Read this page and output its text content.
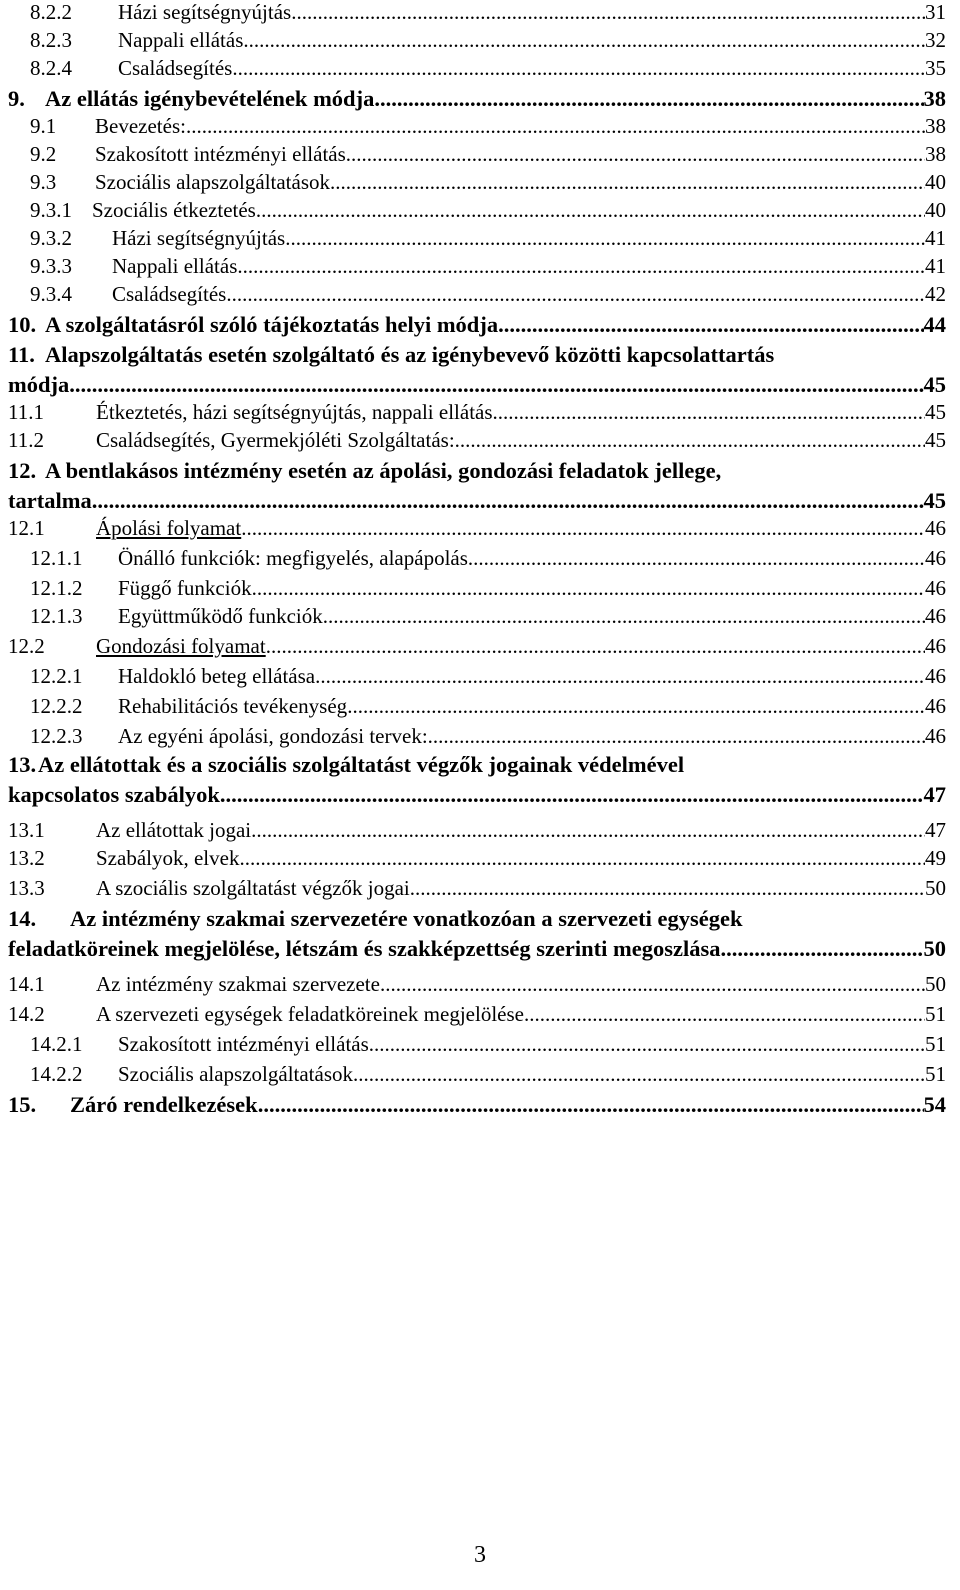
8.2.2	Házi segítségnyújtás .....	31
8.2.3	Nappali ellátás .....	32
8.2.4	Családsegítés .....	35
9. Az ellátás igénybevételének módja .....	38
9.1	Bevezetés: .....	38
9.2	Szakosított intézményi ellátás .....	38
9.3	Szociális alapszolgáltatások .....	40
9.3.1 Szociális étkeztetés .....	40
9.3.2	Házi segítségnyújtás .....	41
9.3.3	Nappali ellátás .....	41
9.3.4	Családsegítés .....	42
10. A szolgáltatásról szóló tájékoztatás helyi módja .....	44
11. Alapszolgáltatás esetén szolgáltató és az igénybevevő közötti kapcsolattartás
módja .....	45
11.1	Étkeztetés, házi segítségnyújtás, nappali ellátás .....	45
11.2	Családsegítés, Gyermekjóléti Szolgáltatás: .....	45
12. A bentlakásos intézmény esetén az ápolási, gondozási feladatok jellege,
tartalma .....	45
12.1	Ápolási folyamat .....	46
12.1.1	Önálló funkciók: megfigyelés, alapápolás .....	46
12.1.2	Függő funkciók .....	46
12.1.3	Együttműködő funkciók .....	46
12.2	Gondozási folyamat .....	46
12.2.1	Haldokló beteg ellátása .....	46
12.2.2	Rehabilitációs tevékenység .....	46
12.2.3	Az egyéni ápolási, gondozási tervek: .....	46
13. Az ellátottak és a szociális szolgáltatást végzők jogainak védelmével
kapcsolatos szabályok .....	47
13.1	Az ellátottak jogai .....	47
13.2	Szabályok, elvek .....	49
13.3	A szociális szolgáltatást végzők jogai .....	50
14.	Az intézmény szakmai szervezetére vonatkozóan a szervezeti egységek
feladatköreinek megjelölése, létszám és szakképzettség szerinti megoszlása .....	50
14.1	Az intézmény szakmai szervezete .....	50
14.2	A szervezeti egységek feladatköreinek megjelölése .....	51
14.2.1	Szakosított intézményi ellátás .....	51
14.2.2	Szociális alapszolgáltatások .....	51
15.	Záró rendelkezések .....	54
3
